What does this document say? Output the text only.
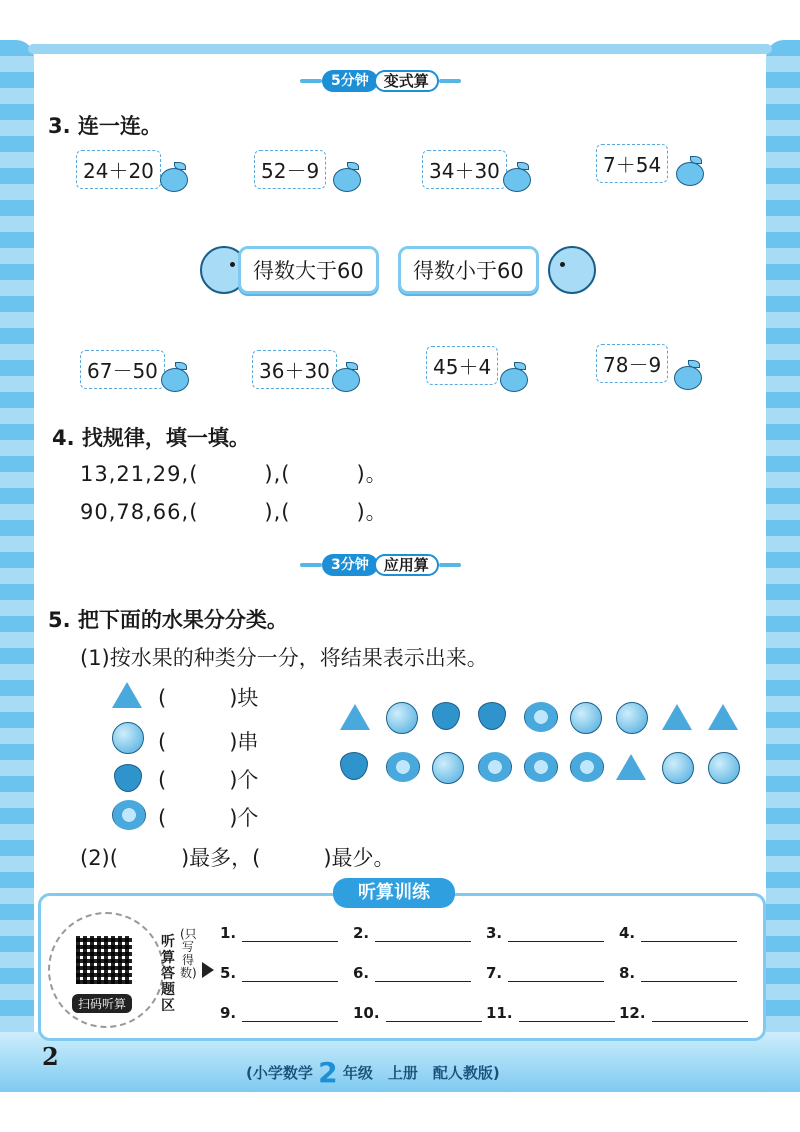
5分钟	变式算
3. 连一连。
24＋20	52－9	34＋30	7＋54
得数大于60	得数小于60
67－50	36＋30	45＋4	78－9
4. 找规律，填一填。
13,21,29,(　　　),(　　　)。
90,78,66,(　　　),(　　　)。
3分钟	应用算
5. 把下面的水果分分类。
(1)按水果的种类分一分，将结果表示出来。
(　　　)块
(　　　)串
(　　　)个
(　　　)个
(2)(　　　)最多，(　　　)最少。
听算训练
扫码听算
听算答题区
(只写得数)
1.	2.	3.	4.
5.	6.	7.	8.
9.	10.	11.	12.
2
(小学数学 2 年级　上册　配人教版)
